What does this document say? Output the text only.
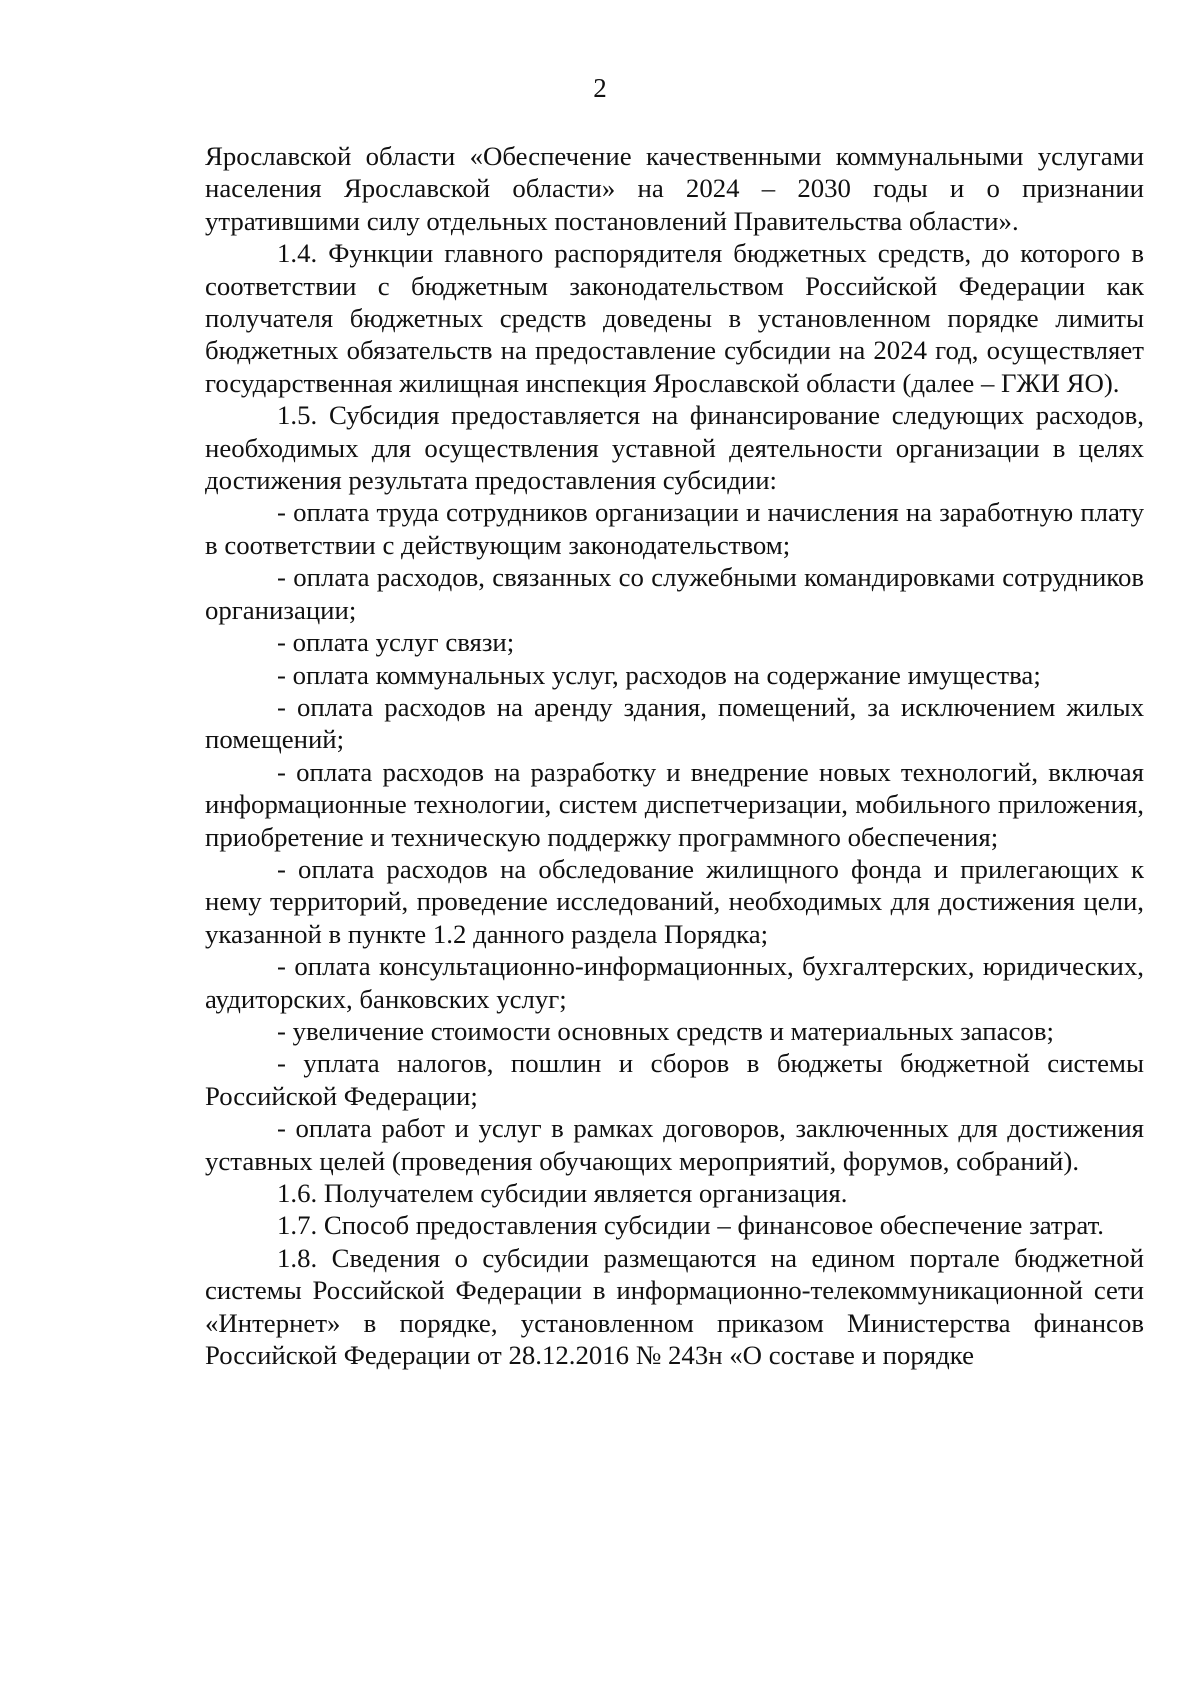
2

Ярославской области «Обеспечение качественными коммунальными услугами населения Ярославской области» на 2024 – 2030 годы и о признании утратившими силу отдельных постановлений Правительства области».

1.4. Функции главного распорядителя бюджетных средств, до которого в соответствии с бюджетным законодательством Российской Федерации как получателя бюджетных средств доведены в установленном порядке лимиты бюджетных обязательств на предоставление субсидии на 2024 год, осуществляет государственная жилищная инспекция Ярославской области (далее – ГЖИ ЯО).

1.5. Субсидия предоставляется на финансирование следующих расходов, необходимых для осуществления уставной деятельности организации в целях достижения результата предоставления субсидии:

- оплата труда сотрудников организации и начисления на заработную плату в соответствии с действующим законодательством;

- оплата расходов, связанных со служебными командировками сотрудников организации;

- оплата услуг связи;

- оплата коммунальных услуг, расходов на содержание имущества;

- оплата расходов на аренду здания, помещений, за исключением жилых помещений;

- оплата расходов на разработку и внедрение новых технологий, включая информационные технологии, систем диспетчеризации, мобильного приложения, приобретение и техническую поддержку программного обеспечения;

- оплата расходов на обследование жилищного фонда и прилегающих к нему территорий, проведение исследований, необходимых для достижения цели, указанной в пункте 1.2 данного раздела Порядка;

- оплата консультационно-информационных, бухгалтерских, юридических, аудиторских, банковских услуг;

- увеличение стоимости основных средств и материальных запасов;

- уплата налогов, пошлин и сборов в бюджеты бюджетной системы Российской Федерации;

- оплата работ и услуг в рамках договоров, заключенных для достижения уставных целей (проведения обучающих мероприятий, форумов, собраний).

1.6. Получателем субсидии является организация.

1.7. Способ предоставления субсидии – финансовое обеспечение затрат.

1.8. Сведения о субсидии размещаются на едином портале бюджетной системы Российской Федерации в информационно-телекоммуникационной сети «Интернет» в порядке, установленном приказом Министерства финансов Российской Федерации от 28.12.2016 № 243н «О составе и порядке
